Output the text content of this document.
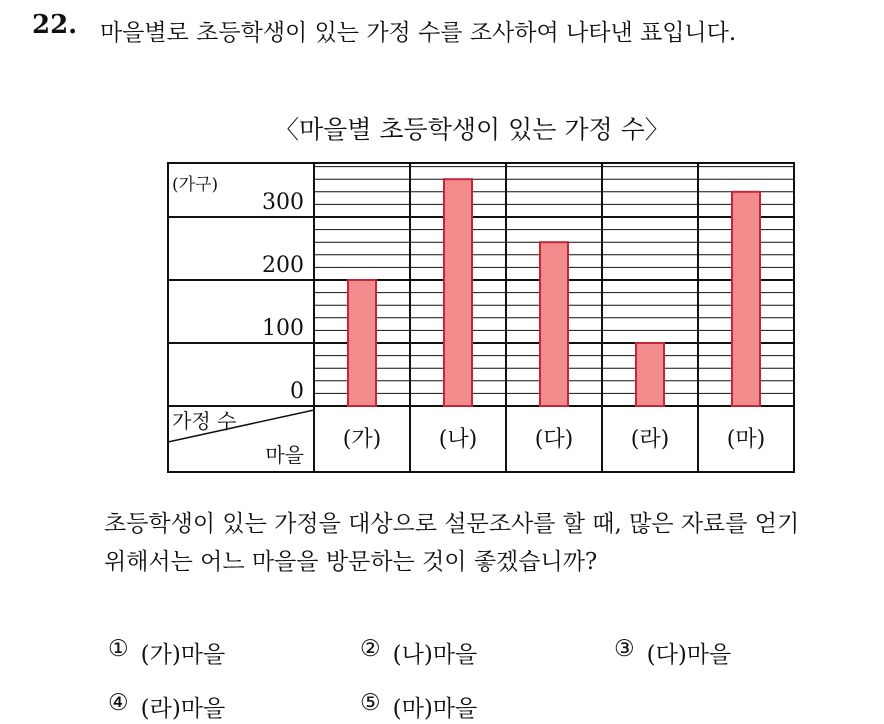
22. 마을별로 초등학생이 있는 가정 수를 조사하여 나타낸 표입니다.
〈마을별 초등학생이 있는 가정 수〉
0
100
200
300
(가구)
가정 수
마을
(가)	(나)	(다)	(라)	(마)
초등학생이 있는 가정을 대상으로 설문조사를 할 때, 많은 자료를 얻기
위해서는 어느 마을을 방문하는 것이 좋겠습니까?
① (가)마을	② (나)마을	③ (다)마을
④ (라)마을	⑤ (마)마을
